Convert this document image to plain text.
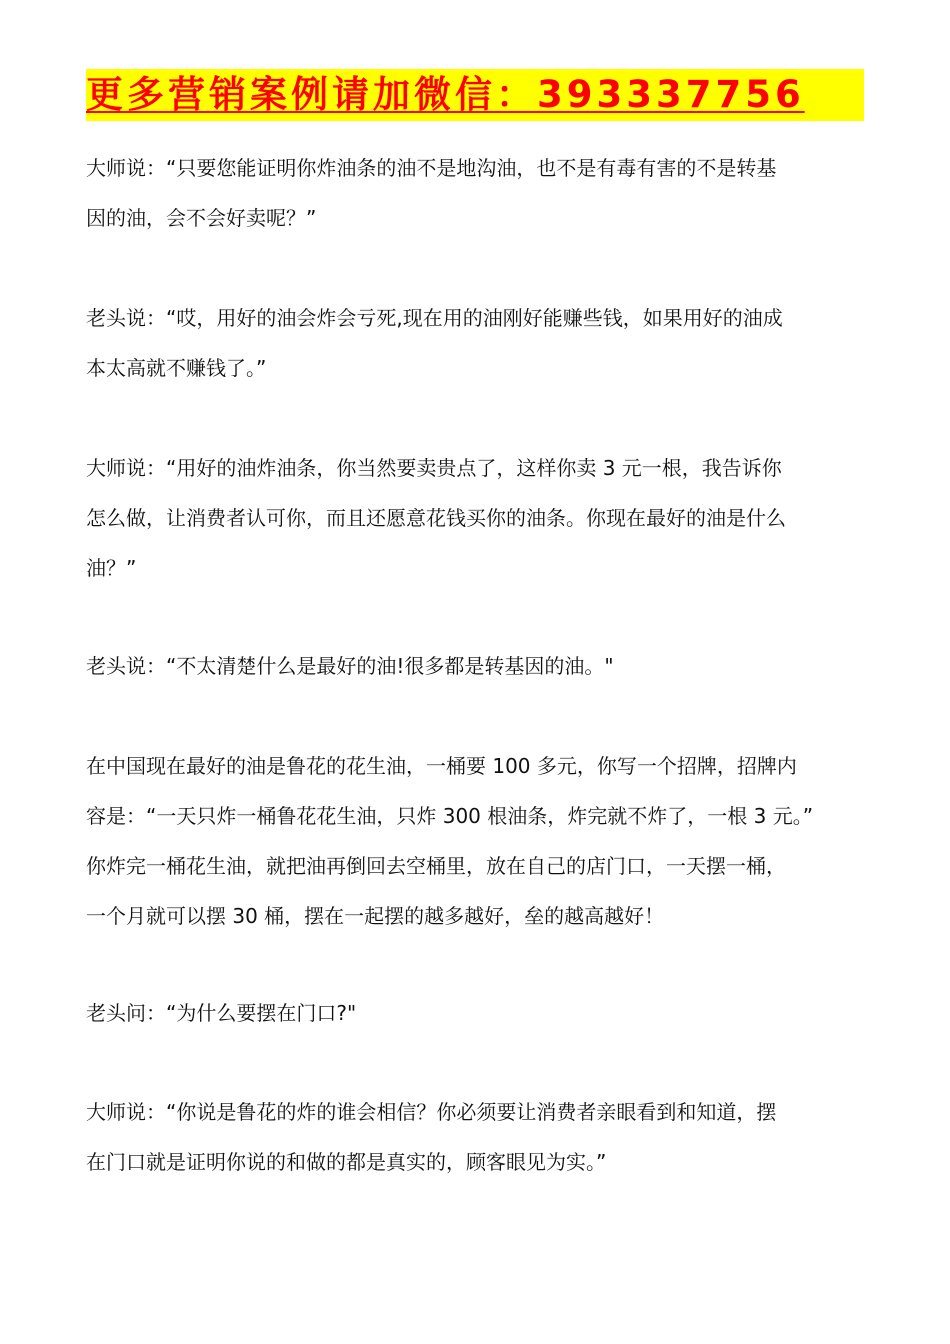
更多营销案例请加微信：393337756
大师说：“只要您能证明你炸油条的油不是地沟油，也不是有毒有害的不是转基
因的油，会不会好卖呢？”
老头说：“哎，用好的油会炸会亏死,现在用的油刚好能赚些钱，如果用好的油成
本太高就不赚钱了。”
大师说：“用好的油炸油条，你当然要卖贵点了，这样你卖 3 元一根，我告诉你
怎么做，让消费者认可你，而且还愿意花钱买你的油条。你现在最好的油是什么
油？”
老头说：“不太清楚什么是最好的油!很多都是转基因的油。"
在中国现在最好的油是鲁花的花生油，一桶要 100 多元，你写一个招牌，招牌内
容是：“一天只炸一桶鲁花花生油，只炸 300 根油条，炸完就不炸了，一根 3 元。”
你炸完一桶花生油，就把油再倒回去空桶里，放在自己的店门口，一天摆一桶，
一个月就可以摆 30 桶，摆在一起摆的越多越好，垒的越高越好！
老头问：“为什么要摆在门口?"
大师说：“你说是鲁花的炸的谁会相信？你必须要让消费者亲眼看到和知道，摆
在门口就是证明你说的和做的都是真实的，顾客眼见为实。”
